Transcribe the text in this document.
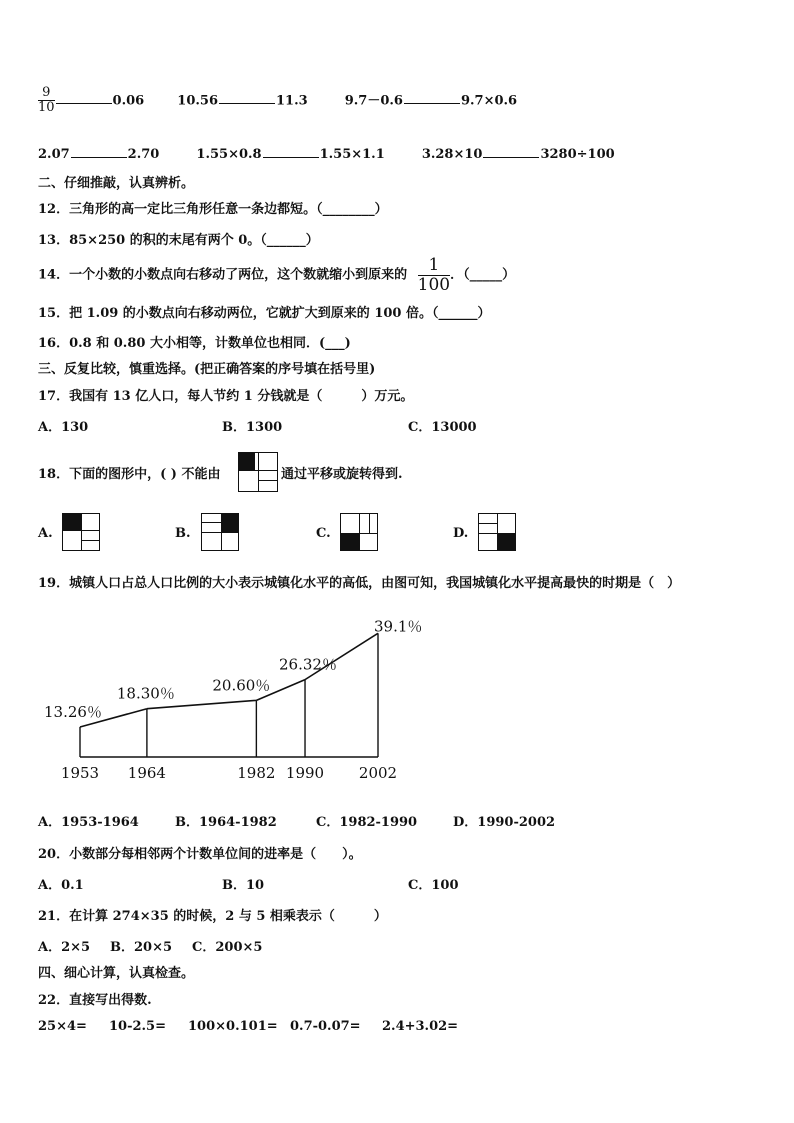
$\frac{9}{10}$	0.06	10.56	11.3	9.7－0.6	9.7×0.6
2.07	2.70	1.55×0.8	1.55×1.1	3.28×10	3280÷100
二、仔细推敲，认真辨析。
12．三角形的高一定比三角形任意一条边都短。（________）
13．85×250 的积的末尾有两个 0。（______）
14．一个小数的小数点向右移动了两位，这个数就缩小到原来的 $\frac{1}{100}$ ．（_____）
15．把 1.09 的小数点向右移动两位，它就扩大到原来的 100 倍。（______）
16．0.8 和 0.80 大小相等，计数单位也相同．(___)
三、反复比较，慎重选择。(把正确答案的序号填在括号里)
17．我国有 13 亿人口，每人节约 1 分钱就是（　　　）万元。
A．130	B．1300	C．13000
18．下面的图形中，( ) 不能由	通过平移或旋转得到.
A.	B.	C.	D.
19．城镇人口占总人口比例的大小表示城镇化水平的高低，由图可知，我国城镇化水平提高最快的时期是（　）
13.26％
18.30％	20.60％
26.32％
39.1％
1953 1964	1982 1990 2002
A．1953-1964	B．1964-1982	C．1982-1990	D．1990-2002
20．小数部分每相邻两个计数单位间的进率是（　　）。
A．0.1	B．10	C．100
21．在计算 274×35 的时候，2 与 5 相乘表示（　　　）
A．2×5 B．20×5 C．200×5
四、细心计算，认真检查。
22．直接写出得数.
25×4= 10-2.5= 100×0.101= 0.7-0.07= 2.4+3.02=
